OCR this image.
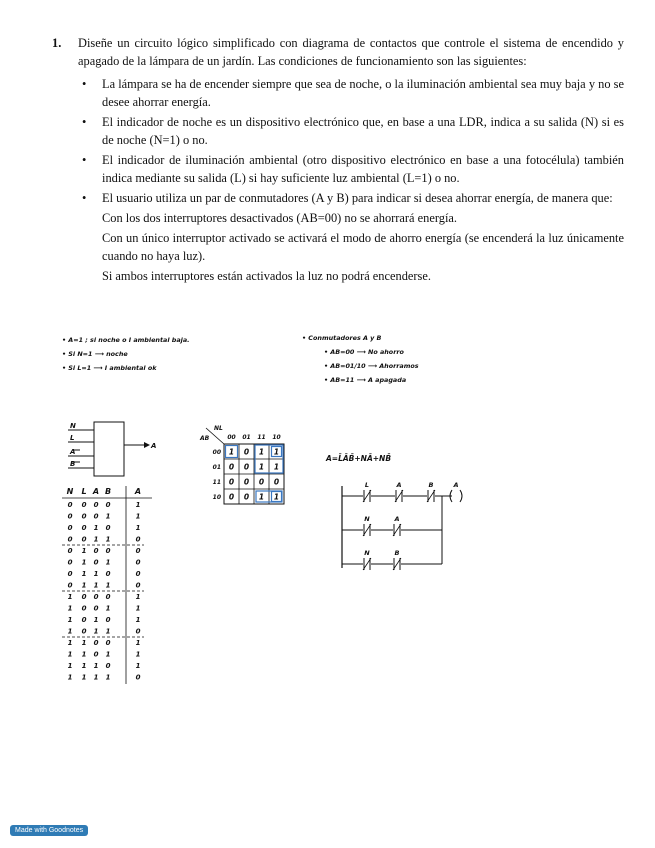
1. Diseñe un circuito lógico simplificado con diagrama de contactos que controle el sistema de encendido y apagado de la lámpara de un jardín. Las condiciones de funcionamiento son las siguientes:
• La lámpara se ha de encender siempre que sea de noche, o la iluminación ambiental sea muy baja y no se desee ahorrar energía.
• El indicador de noche es un dispositivo electrónico que, en base a una LDR, indica a su salida (N) si es de noche (N=1) o no.
• El indicador de iluminación ambiental (otro dispositivo electrónico en base a una fotocélula) también indica mediante su salida (L) si hay suficiente luz ambiental (L=1) o no.
• El usuario utiliza un par de conmutadores (A y B) para indicar si desea ahorrar energía, de manera que:
Con los dos interruptores desactivados (AB=00) no se ahorrará energía.
Con un único interruptor activado se activará el modo de ahorro energía (se encenderá la luz únicamente cuando no haya luz).
Si ambos interruptores están activados la luz no podrá encenderse.
• A=1 ; si noche o I ambiental baja.
• Si N=1 ⟶ noche
• Si L=1 ⟶ I ambiental ok
• Conmutadores A y B
• AB=00 ⟶ No ahorro
• AB=01/10 ⟶ Ahorramos
• AB=11 ⟶ A apagada
N
L
A
B
A
N L A B	A
0 0 0 0	1
0 0 0 1	1
0 0 1 0	1
0 0 1 1	0
0 1 0 0	0
0 1 0 1	0
0 1 1 0	0
0 1 1 1	0
1 0 0 0	1
1 0 0 1	1
1 0 1 0	1
1 0 1 1	0
1 1 0 0	1
1 1 0 1	1
1 1 1 0	1
1 1 1 1	0
NL
AB	00 01 11 10
00
01
11
10
1 0 1 1
0 0 1 1
0 0 0 0
0 0 1 1
A=L̄ĀB̄+NĀ+NB̄
L	A	B	A
N	A
N	B
Made with Goodnotes
